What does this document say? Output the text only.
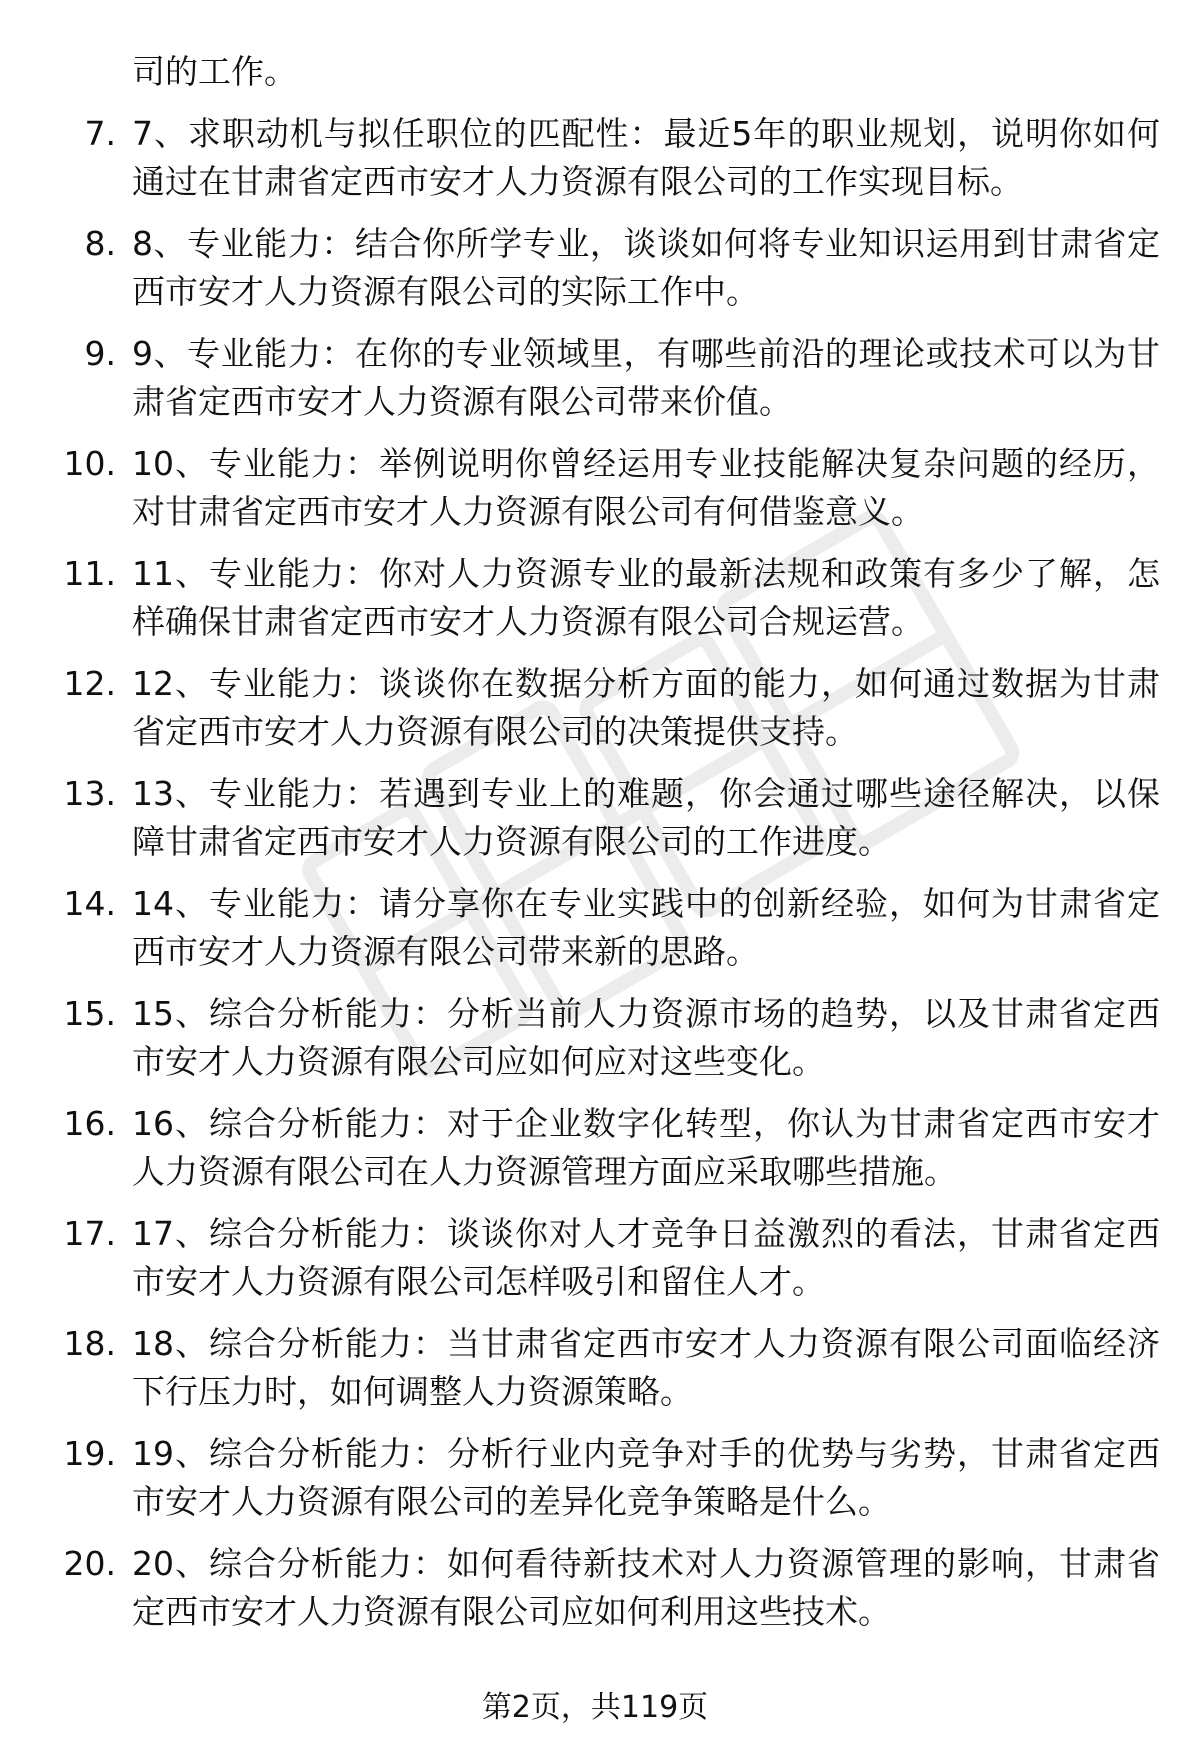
司的工作。

7. 7、求职动机与拟任职位的匹配性：最近5年的职业规划，说明你如何通过在甘肃省定西市安才人力资源有限公司的工作实现目标。
8. 8、专业能力：结合你所学专业，谈谈如何将专业知识运用到甘肃省定西市安才人力资源有限公司的实际工作中。
9. 9、专业能力：在你的专业领域里，有哪些前沿的理论或技术可以为甘肃省定西市安才人力资源有限公司带来价值。
10. 10、专业能力：举例说明你曾经运用专业技能解决复杂问题的经历，对甘肃省定西市安才人力资源有限公司有何借鉴意义。
11. 11、专业能力：你对人力资源专业的最新法规和政策有多少了解，怎样确保甘肃省定西市安才人力资源有限公司合规运营。
12. 12、专业能力：谈谈你在数据分析方面的能力，如何通过数据为甘肃省定西市安才人力资源有限公司的决策提供支持。
13. 13、专业能力：若遇到专业上的难题，你会通过哪些途径解决，以保障甘肃省定西市安才人力资源有限公司的工作进度。
14. 14、专业能力：请分享你在专业实践中的创新经验，如何为甘肃省定西市安才人力资源有限公司带来新的思路。
15. 15、综合分析能力：分析当前人力资源市场的趋势，以及甘肃省定西市安才人力资源有限公司应如何应对这些变化。
16. 16、综合分析能力：对于企业数字化转型，你认为甘肃省定西市安才人力资源有限公司在人力资源管理方面应采取哪些措施。
17. 17、综合分析能力：谈谈你对人才竞争日益激烈的看法，甘肃省定西市安才人力资源有限公司怎样吸引和留住人才。
18. 18、综合分析能力：当甘肃省定西市安才人力资源有限公司面临经济下行压力时，如何调整人力资源策略。
19. 19、综合分析能力：分析行业内竞争对手的优势与劣势，甘肃省定西市安才人力资源有限公司的差异化竞争策略是什么。
20. 20、综合分析能力：如何看待新技术对人力资源管理的影响，甘肃省定西市安才人力资源有限公司应如何利用这些技术。
第2页，共119页
